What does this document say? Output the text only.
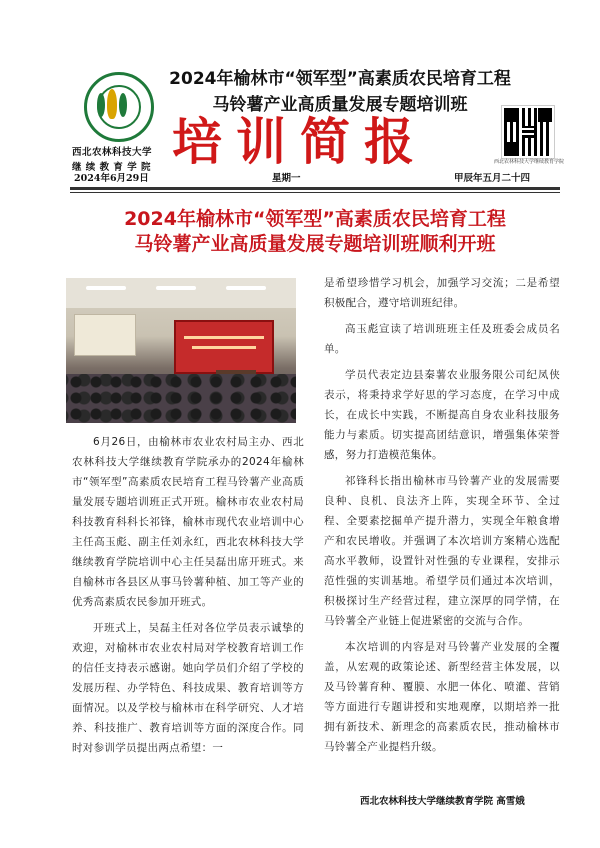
西北农林科技大学
继 续 教 育 学 院
2024年榆林市“领军型”高素质农民培育工程
马铃薯产业高质量发展专题培训班
培训简报	西北农林科技大学继续教育学院
2024年6月29日	星期一	甲辰年五月二十四
2024年榆林市“领军型”高素质农民培育工程
马铃薯产业高质量发展专题培训班顺利开班

6月26日，由榆林市农业农村局主办、西北农林科技大学继续教育学院承办的2024年榆林市“领军型”高素质农民培育工程马铃薯产业高质量发展专题培训班正式开班。榆林市农业农村局科技教育科科长祁锋，榆林市现代农业培训中心主任高玉彪、副主任刘永红，西北农林科技大学继续教育学院培训中心主任吴磊出席开班式。来自榆林市各县区从事马铃薯种植、加工等产业的优秀高素质农民参加开班式。

开班式上，吴磊主任对各位学员表示诚挚的欢迎，对榆林市农业农村局对学校教育培训工作的信任支持表示感谢。她向学员们介绍了学校的发展历程、办学特色、科技成果、教育培训等方面情况。以及学校与榆林市在科学研究、人才培养、科技推广、教育培训等方面的深度合作。同时对参训学员提出两点希望：一

是希望珍惜学习机会，加强学习交流；二是希望积极配合，遵守培训班纪律。

高玉彪宣读了培训班班主任及班委会成员名单。

学员代表定边县秦薯农业服务限公司纪凤侠表示，将秉持求学好思的学习态度，在学习中成长，在成长中实践，不断提高自身农业科技服务能力与素质。切实提高团结意识，增强集体荣誉感，努力打造模范集体。

祁锋科长指出榆林市马铃薯产业的发展需要良种、良机、良法齐上阵，实现全环节、全过程、全要素挖掘单产提升潜力，实现全年粮食增产和农民增收。并强调了本次培训方案精心选配高水平教师，设置针对性强的专业课程，安排示范性强的实训基地。希望学员们通过本次培训，积极探讨生产经营过程，建立深厚的同学情，在马铃薯全产业链上促进紧密的交流与合作。

本次培训的内容是对马铃薯产业发展的全覆盖，从宏观的政策论述、新型经营主体发展，以及马铃薯育种、覆膜、水肥一体化、喷灌、营销等方面进行专题讲授和实地观摩，以期培养一批拥有新技术、新理念的高素质农民，推动榆林市马铃薯全产业提档升级。

西北农林科技大学继续教育学院 高雪娥
